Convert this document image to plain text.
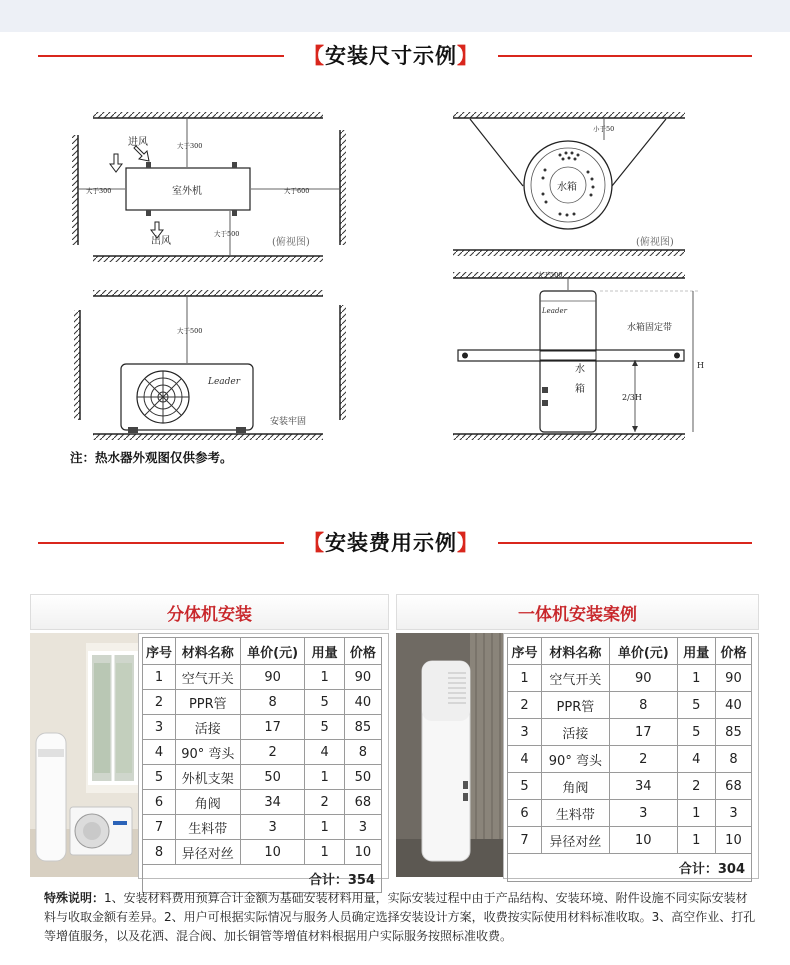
【 安装尺寸示例 】
进风
出风
室外机
大于300
大于300	大于600
大于500
(俯视图)
小于50
水箱
(俯视图)
大于500
Leader
安装牢固
大于500
Leader
水
箱
水箱固定带
H
2/3H
注：热水器外观图仅供参考。
【 安装费用示例 】
分体机安装	一体机安装案例
序号	材料名称	单价(元)	用量	价格
1	空气开关	90	1	90
2	PPR管	8	5	40
3	活接	17	5	85
4	90° 弯头	2	4	8
5	外机支架	50	1	50
6	角阀	34	2	68
7	生料带	3	1	3
8	异径对丝	10	1	10
合计：354				
序号	材料名称	单价(元)	用量	价格
1	空气开关	90	1	90
2	PPR管	8	5	40
3	活接	17	5	85
4	90° 弯头	2	4	8
5	角阀	34	2	68
6	生料带	3	1	3
7	异径对丝	10	1	10
合计：304				
特殊说明：1、安装材料费用预算合计金额为基础安装材料用量，实际安装过程中由于产品结构、安装环境、附件设施不同实际安装材料与收取金额有差异。2、用户可根据实际情况与服务人员确定选择安装设计方案，收费按实际使用材料标准收取。3、高空作业、打孔等增值服务，以及花洒、混合阀、加长铜管等增值材料根据用户实际服务按照标准收费。
